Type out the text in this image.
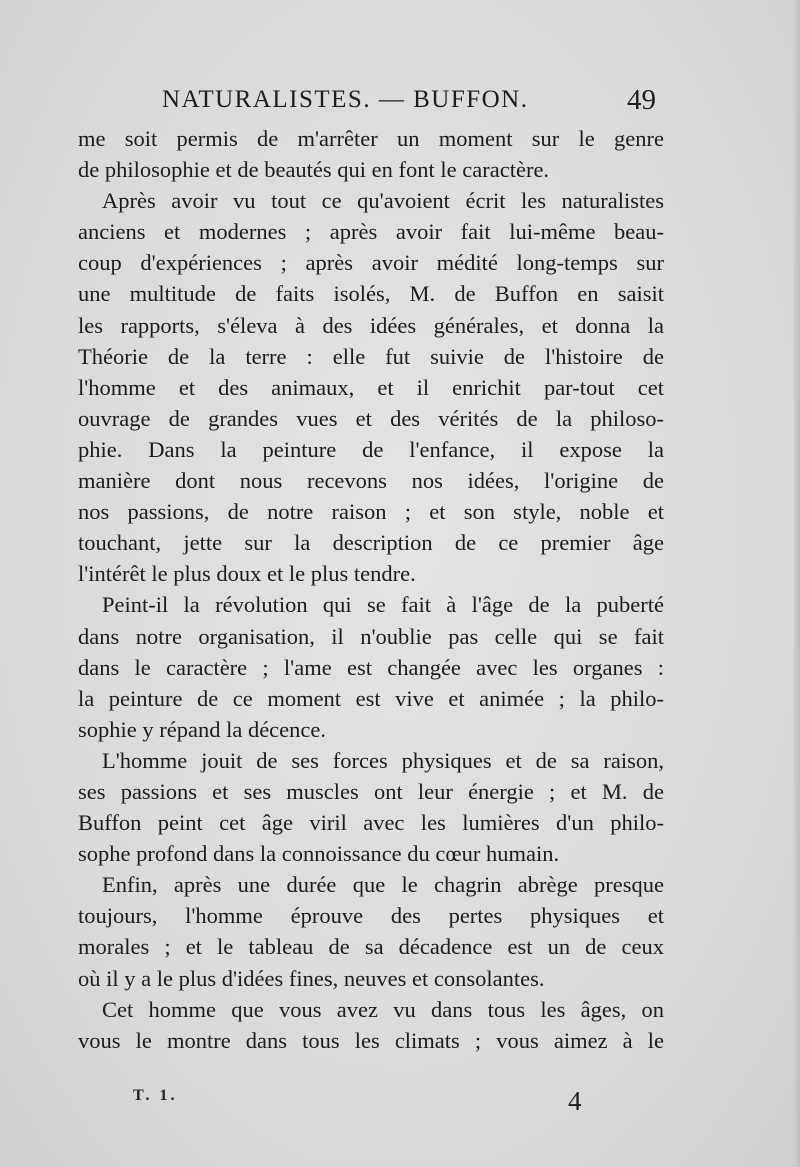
NATURALISTES. — BUFFON.	49
me soit permis de m'arrêter un moment sur le genre
de philosophie et de beautés qui en font le caractère.
Après avoir vu tout ce qu'avoient écrit les naturalistes
anciens et modernes ; après avoir fait lui-même beau-
coup d'expériences ; après avoir médité long-temps sur
une multitude de faits isolés, M. de Buffon en saisit
les rapports, s'éleva à des idées générales, et donna la
Théorie de la terre : elle fut suivie de l'histoire de
l'homme et des animaux, et il enrichit par-tout cet
ouvrage de grandes vues et des vérités de la philoso-
phie. Dans la peinture de l'enfance, il expose la
manière dont nous recevons nos idées, l'origine de
nos passions, de notre raison ; et son style, noble et
touchant, jette sur la description de ce premier âge
l'intérêt le plus doux et le plus tendre.
Peint-il la révolution qui se fait à l'âge de la puberté
dans notre organisation, il n'oublie pas celle qui se fait
dans le caractère ; l'ame est changée avec les organes :
la peinture de ce moment est vive et animée ; la philo-
sophie y répand la décence.
L'homme jouit de ses forces physiques et de sa raison,
ses passions et ses muscles ont leur énergie ; et M. de
Buffon peint cet âge viril avec les lumières d'un philo-
sophe profond dans la connoissance du cœur humain.
Enfin, après une durée que le chagrin abrège presque
toujours, l'homme éprouve des pertes physiques et
morales ; et le tableau de sa décadence est un de ceux
où il y a le plus d'idées fines, neuves et consolantes.
Cet homme que vous avez vu dans tous les âges, on
vous le montre dans tous les climats ; vous aimez à le
T. 1.	4
